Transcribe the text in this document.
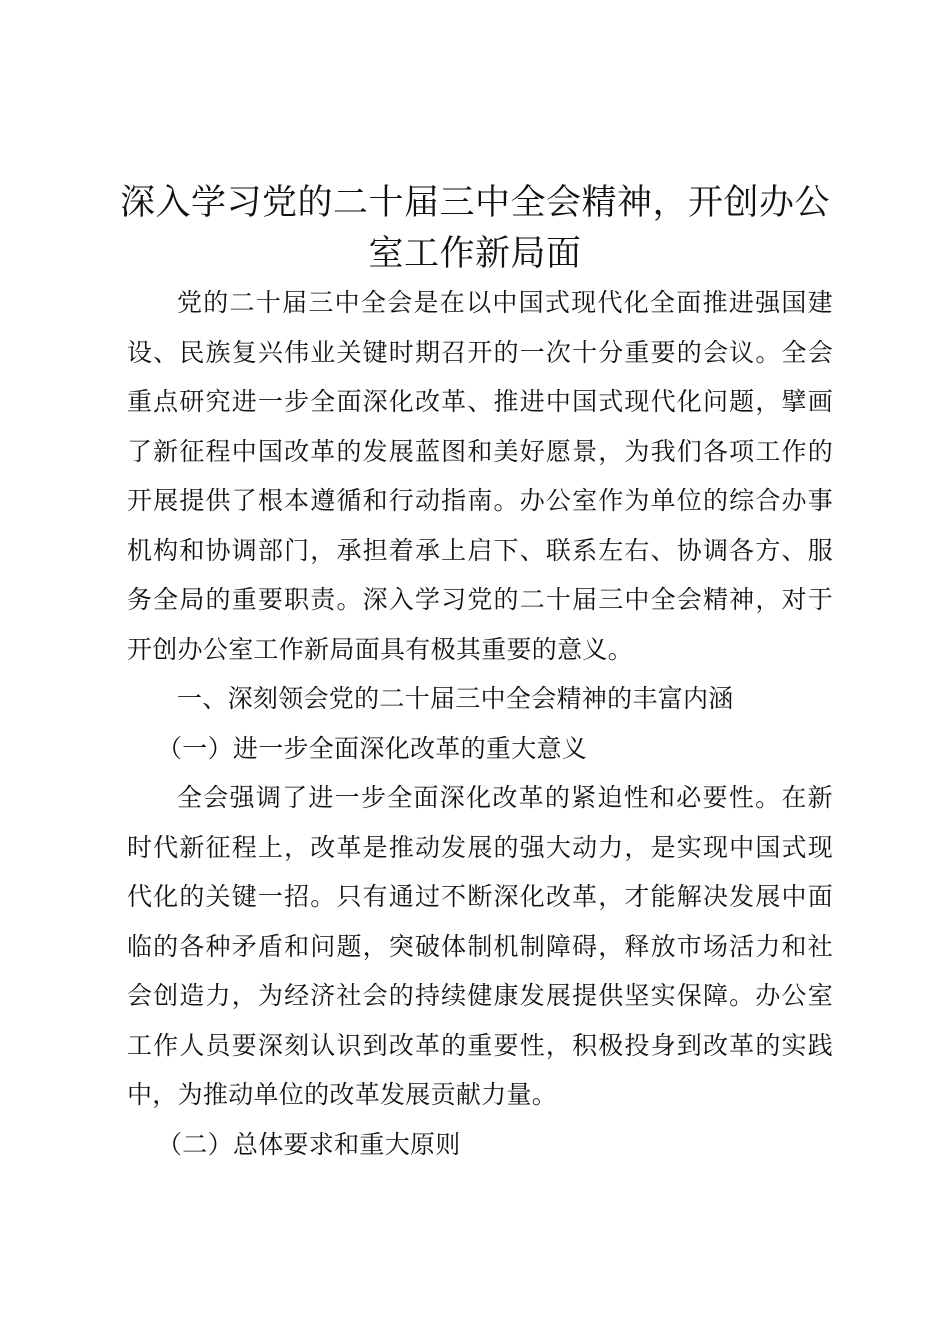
深入学习党的二十届三中全会精神，开创办公室工作新局面

党的二十届三中全会是在以中国式现代化全面推进强国建设、民族复兴伟业关键时期召开的一次十分重要的会议。全会重点研究进一步全面深化改革、推进中国式现代化问题，擘画了新征程中国改革的发展蓝图和美好愿景，为我们各项工作的开展提供了根本遵循和行动指南。办公室作为单位的综合办事机构和协调部门，承担着承上启下、联系左右、协调各方、服务全局的重要职责。深入学习党的二十届三中全会精神，对于开创办公室工作新局面具有极其重要的意义。

一、深刻领会党的二十届三中全会精神的丰富内涵

（一）进一步全面深化改革的重大意义

全会强调了进一步全面深化改革的紧迫性和必要性。在新时代新征程上，改革是推动发展的强大动力，是实现中国式现代化的关键一招。只有通过不断深化改革，才能解决发展中面临的各种矛盾和问题，突破体制机制障碍，释放市场活力和社会创造力，为经济社会的持续健康发展提供坚实保障。办公室工作人员要深刻认识到改革的重要性，积极投身到改革的实践中，为推动单位的改革发展贡献力量。

（二）总体要求和重大原则
